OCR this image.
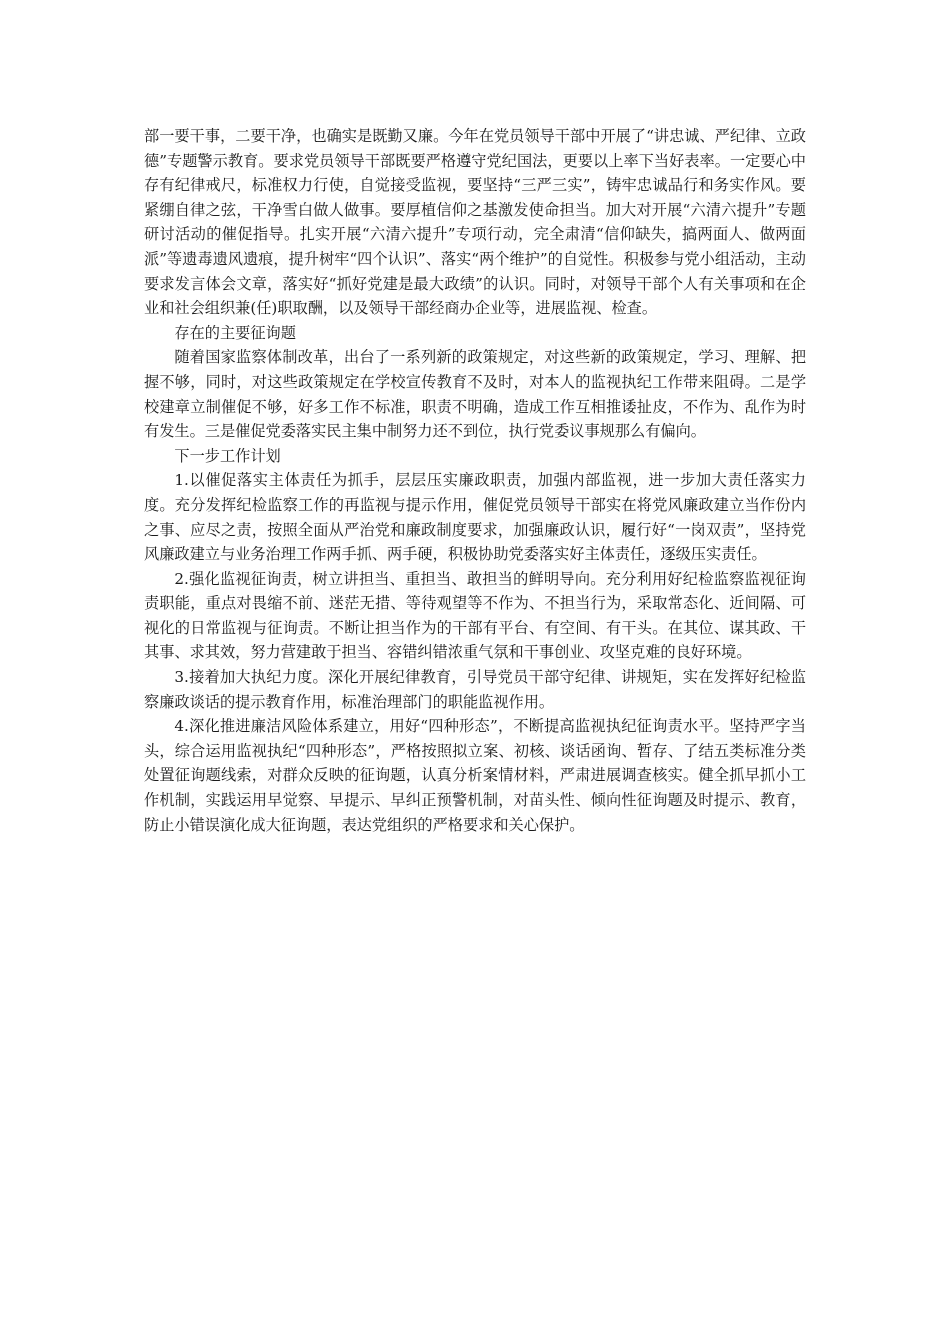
部一要干事，二要干净，也确实是既勤又廉。今年在党员领导干部中开展了“讲忠诚、严纪律、立政德”专题警示教育。要求党员领导干部既要严格遵守党纪国法，更要以上率下当好表率。一定要心中存有纪律戒尺，标准权力行使，自觉接受监视，要坚持“三严三实”，铸牢忠诚品行和务实作风。要紧绷自律之弦，干净雪白做人做事。要厚植信仰之基激发使命担当。加大对开展“六清六提升”专题研讨活动的催促指导。扎实开展“六清六提升”专项行动，完全肃清“信仰缺失，搞两面人、做两面派”等遗毒遗风遗痕，提升树牢“四个认识”、落实“两个维护”的自觉性。积极参与党小组活动，主动要求发言体会文章，落实好“抓好党建是最大政绩”的认识。同时，对领导干部个人有关事项和在企业和社会组织兼(任)职取酬，以及领导干部经商办企业等，进展监视、检查。

存在的主要征询题

随着国家监察体制改革，出台了一系列新的政策规定，对这些新的政策规定，学习、理解、把握不够，同时，对这些政策规定在学校宣传教育不及时，对本人的监视执纪工作带来阻碍。二是学校建章立制催促不够，好多工作不标准，职责不明确，造成工作互相推诿扯皮，不作为、乱作为时有发生。三是催促党委落实民主集中制努力还不到位，执行党委议事规那么有偏向。

下一步工作计划

1.以催促落实主体责任为抓手，层层压实廉政职责，加强内部监视，进一步加大责任落实力度。充分发挥纪检监察工作的再监视与提示作用，催促党员领导干部实在将党风廉政建立当作份内之事、应尽之责，按照全面从严治党和廉政制度要求，加强廉政认识，履行好“一岗双责”，坚持党风廉政建立与业务治理工作两手抓、两手硬，积极协助党委落实好主体责任，逐级压实责任。

2.强化监视征询责，树立讲担当、重担当、敢担当的鲜明导向。充分利用好纪检监察监视征询责职能，重点对畏缩不前、迷茫无措、等待观望等不作为、不担当行为，采取常态化、近间隔、可视化的日常监视与征询责。不断让担当作为的干部有平台、有空间、有干头。在其位、谋其政、干其事、求其效，努力营建敢于担当、容错纠错浓重气氛和干事创业、攻坚克难的良好环境。

3.接着加大执纪力度。深化开展纪律教育，引导党员干部守纪律、讲规矩，实在发挥好纪检监察廉政谈话的提示教育作用，标准治理部门的职能监视作用。

4.深化推进廉洁风险体系建立，用好“四种形态”，不断提高监视执纪征询责水平。坚持严字当头，综合运用监视执纪“四种形态”，严格按照拟立案、初核、谈话函询、暂存、了结五类标准分类处置征询题线索，对群众反映的征询题，认真分析案情材料，严肃进展调查核实。健全抓早抓小工作机制，实践运用早觉察、早提示、早纠正预警机制，对苗头性、倾向性征询题及时提示、教育，防止小错误演化成大征询题，表达党组织的严格要求和关心保护。
